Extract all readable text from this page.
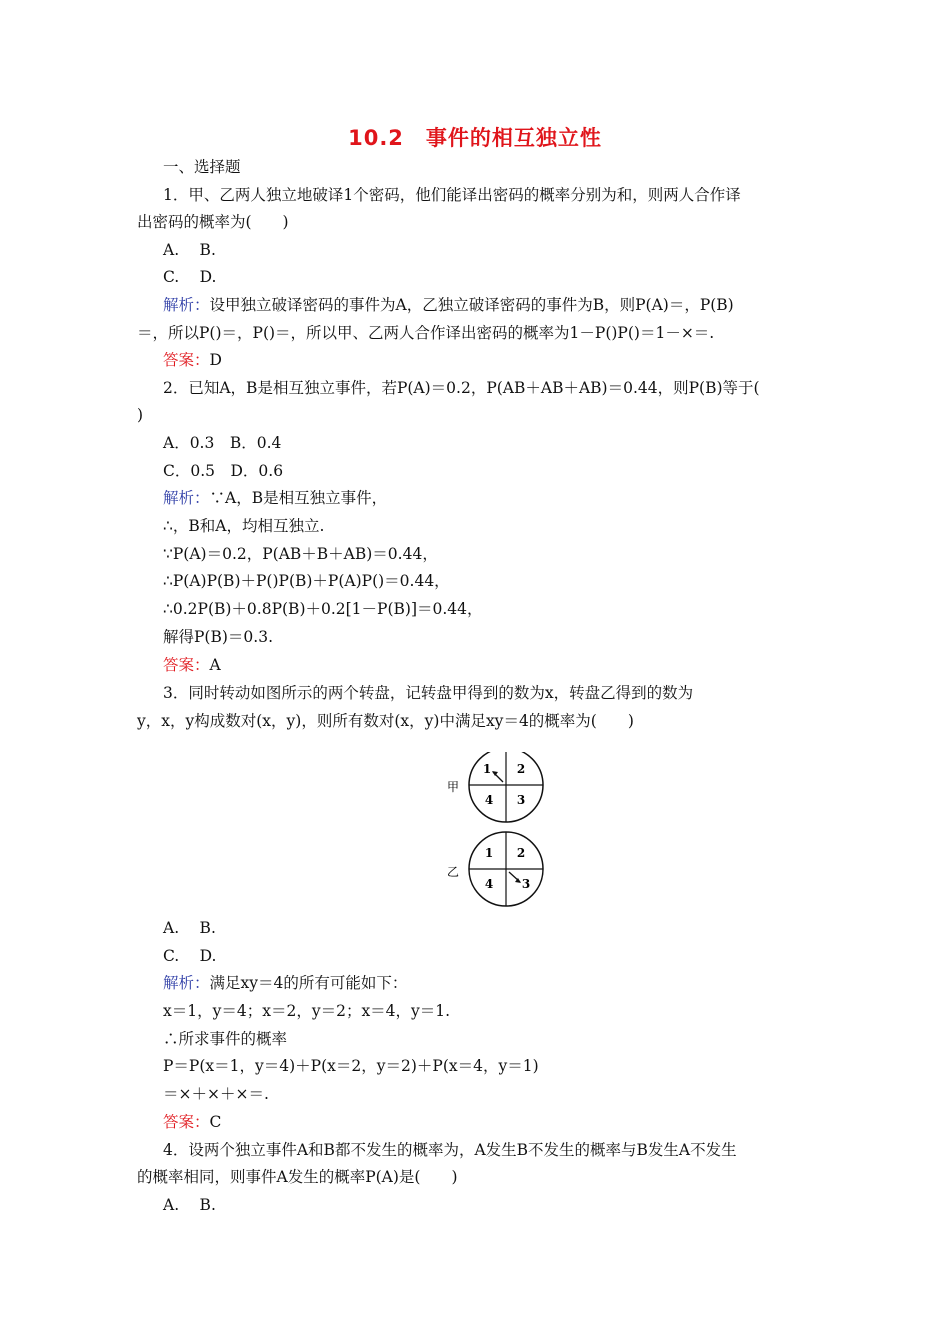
10.2　事件的相互独立性
一、选择题
1．甲、乙两人独立地破译1个密码，他们能译出密码的概率分别为和，则两人合作译
出密码的概率为(　　)
A.　 B.
C.　 D.
解析：设甲独立破译密码的事件为A，乙独立破译密码的事件为B，则P(A)＝，P(B)
＝，所以P()＝，P()＝，所以甲、乙两人合作译出密码的概率为1－P()P()＝1－×＝.
答案：D
2．已知A，B是相互独立事件，若P(A)＝0.2，P(AB＋AB＋AB)＝0.44，则P(B)等于(
)
A．0.3　B．0.4
C．0.5　D．0.6
解析：∵A，B是相互独立事件，
∴，B和A，均相互独立.
∵P(A)＝0.2，P(AB＋B＋AB)＝0.44，
∴P(A)P(B)＋P()P(B)＋P(A)P()＝0.44，
∴0.2P(B)＋0.8P(B)＋0.2[1－P(B)]＝0.44，
解得P(B)＝0.3.
答案：A
3．同时转动如图所示的两个转盘，记转盘甲得到的数为x，转盘乙得到的数为
y，x，y构成数对(x，y)，则所有数对(x，y)中满足xy＝4的概率为(　　)
甲
1 2
4 3
乙
1 2
4 3
A.　 B.
C.　 D.
解析：满足xy＝4的所有可能如下：
x＝1，y＝4；x＝2，y＝2；x＝4，y＝1.
∴所求事件的概率
P＝P(x＝1，y＝4)＋P(x＝2，y＝2)＋P(x＝4，y＝1)
＝×＋×＋×＝.
答案：C
4．设两个独立事件A和B都不发生的概率为，A发生B不发生的概率与B发生A不发生
的概率相同，则事件A发生的概率P(A)是(　　)
A.　 B.
